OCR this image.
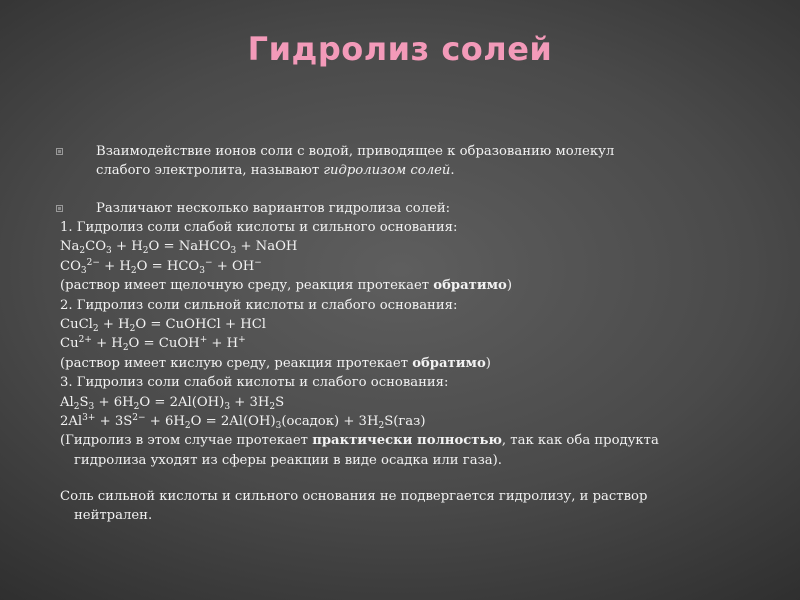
Гидролиз солей
Взаимодействие ионов соли с водой, приводящее к образованию молекул
слабого электролита, называют гидролизом солей.
Различают несколько вариантов гидролиза солей:
1. Гидролиз соли слабой кислоты и сильного основания:
$Na_2CO_3 + H_2O$ = NaHCO$_3$ + NaOH
$CO_3^{2-} + H_2O = HCO_3^- + OH^-$
(раствор имеет щелочную среду, реакция протекает обратимо)
2. Гидролиз соли сильной кислоты и слабого основания:
CuCl$_2$ + $H_2O$ = CuOHCl + HCl
$Cu^{2+} + H_2O$ = CuOH+ + H+
(раствор имеет кислую среду, реакция протекает обратимо)
3. Гидролиз соли слабой кислоты и слабого основания:
$Al_2S_3 + 6H_2O = 2Al(OH)_3 + 3H_2S$
$2Al^{3+} + 3S^{2-} + 6H_2O$ = $2Al(OH)_3(осадок) + 3H_2S(газ)$
(Гидролиз в этом случае протекает практически полностью, так как оба продукта
гидролиза уходят из сферы реакции в виде осадка или газа).
Соль сильной кислоты и сильного основания не подвергается гидролизу, и раствор
нейтрален.
